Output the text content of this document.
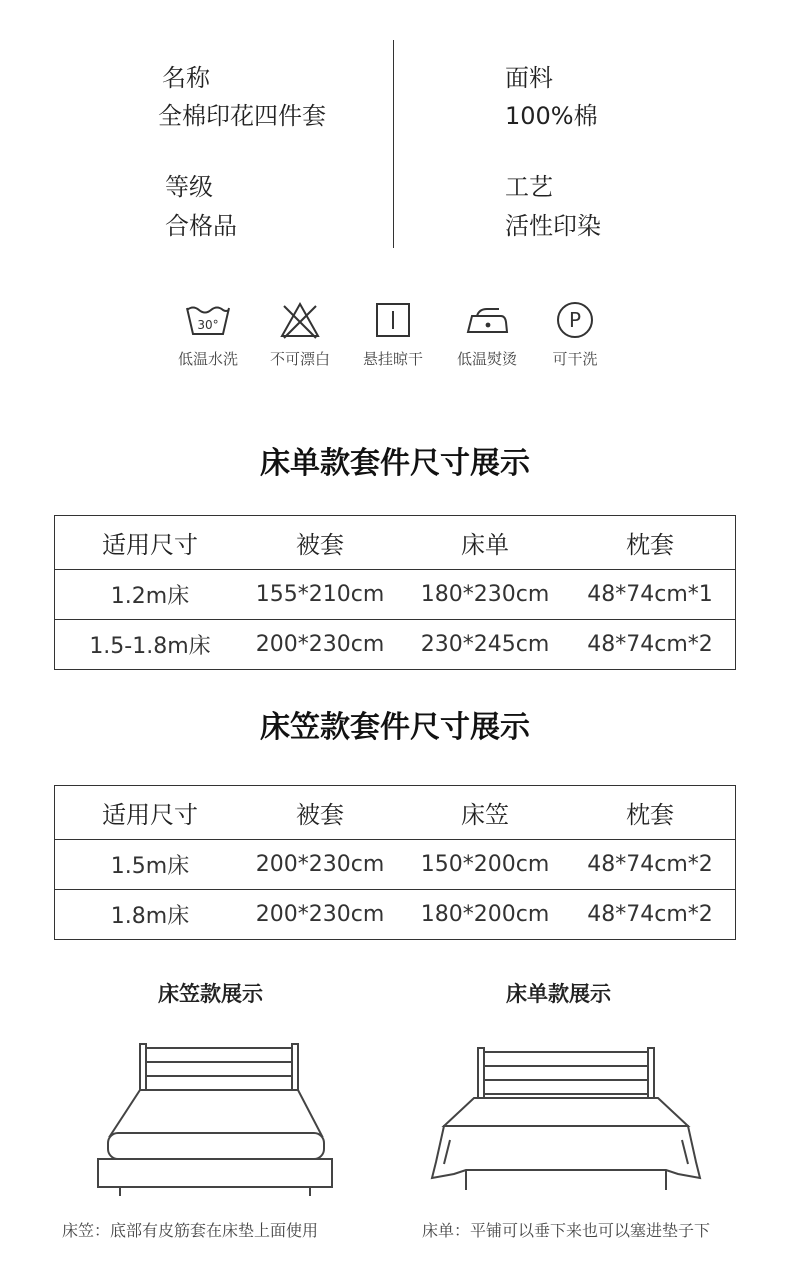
名称
全棉印花四件套
等级
合格品
面料
100%棉
工艺
活性印染
30°
低温水洗	不可漂白	悬挂晾干	低温熨烫
P
可干洗
床单款套件尺寸展示
适用尺寸	被套	床单	枕套
1.2m床	155*210cm	180*230cm	48*74cm*1
1.5-1.8m床	200*230cm	230*245cm	48*74cm*2
床笠款套件尺寸展示
适用尺寸	被套	床笠	枕套
1.5m床	200*230cm	150*200cm	48*74cm*2
1.8m床	200*230cm	180*200cm	48*74cm*2
床笠款展示	床单款展示
床笠：底部有皮筋套在床垫上面使用	床单：平铺可以垂下来也可以塞进垫子下
